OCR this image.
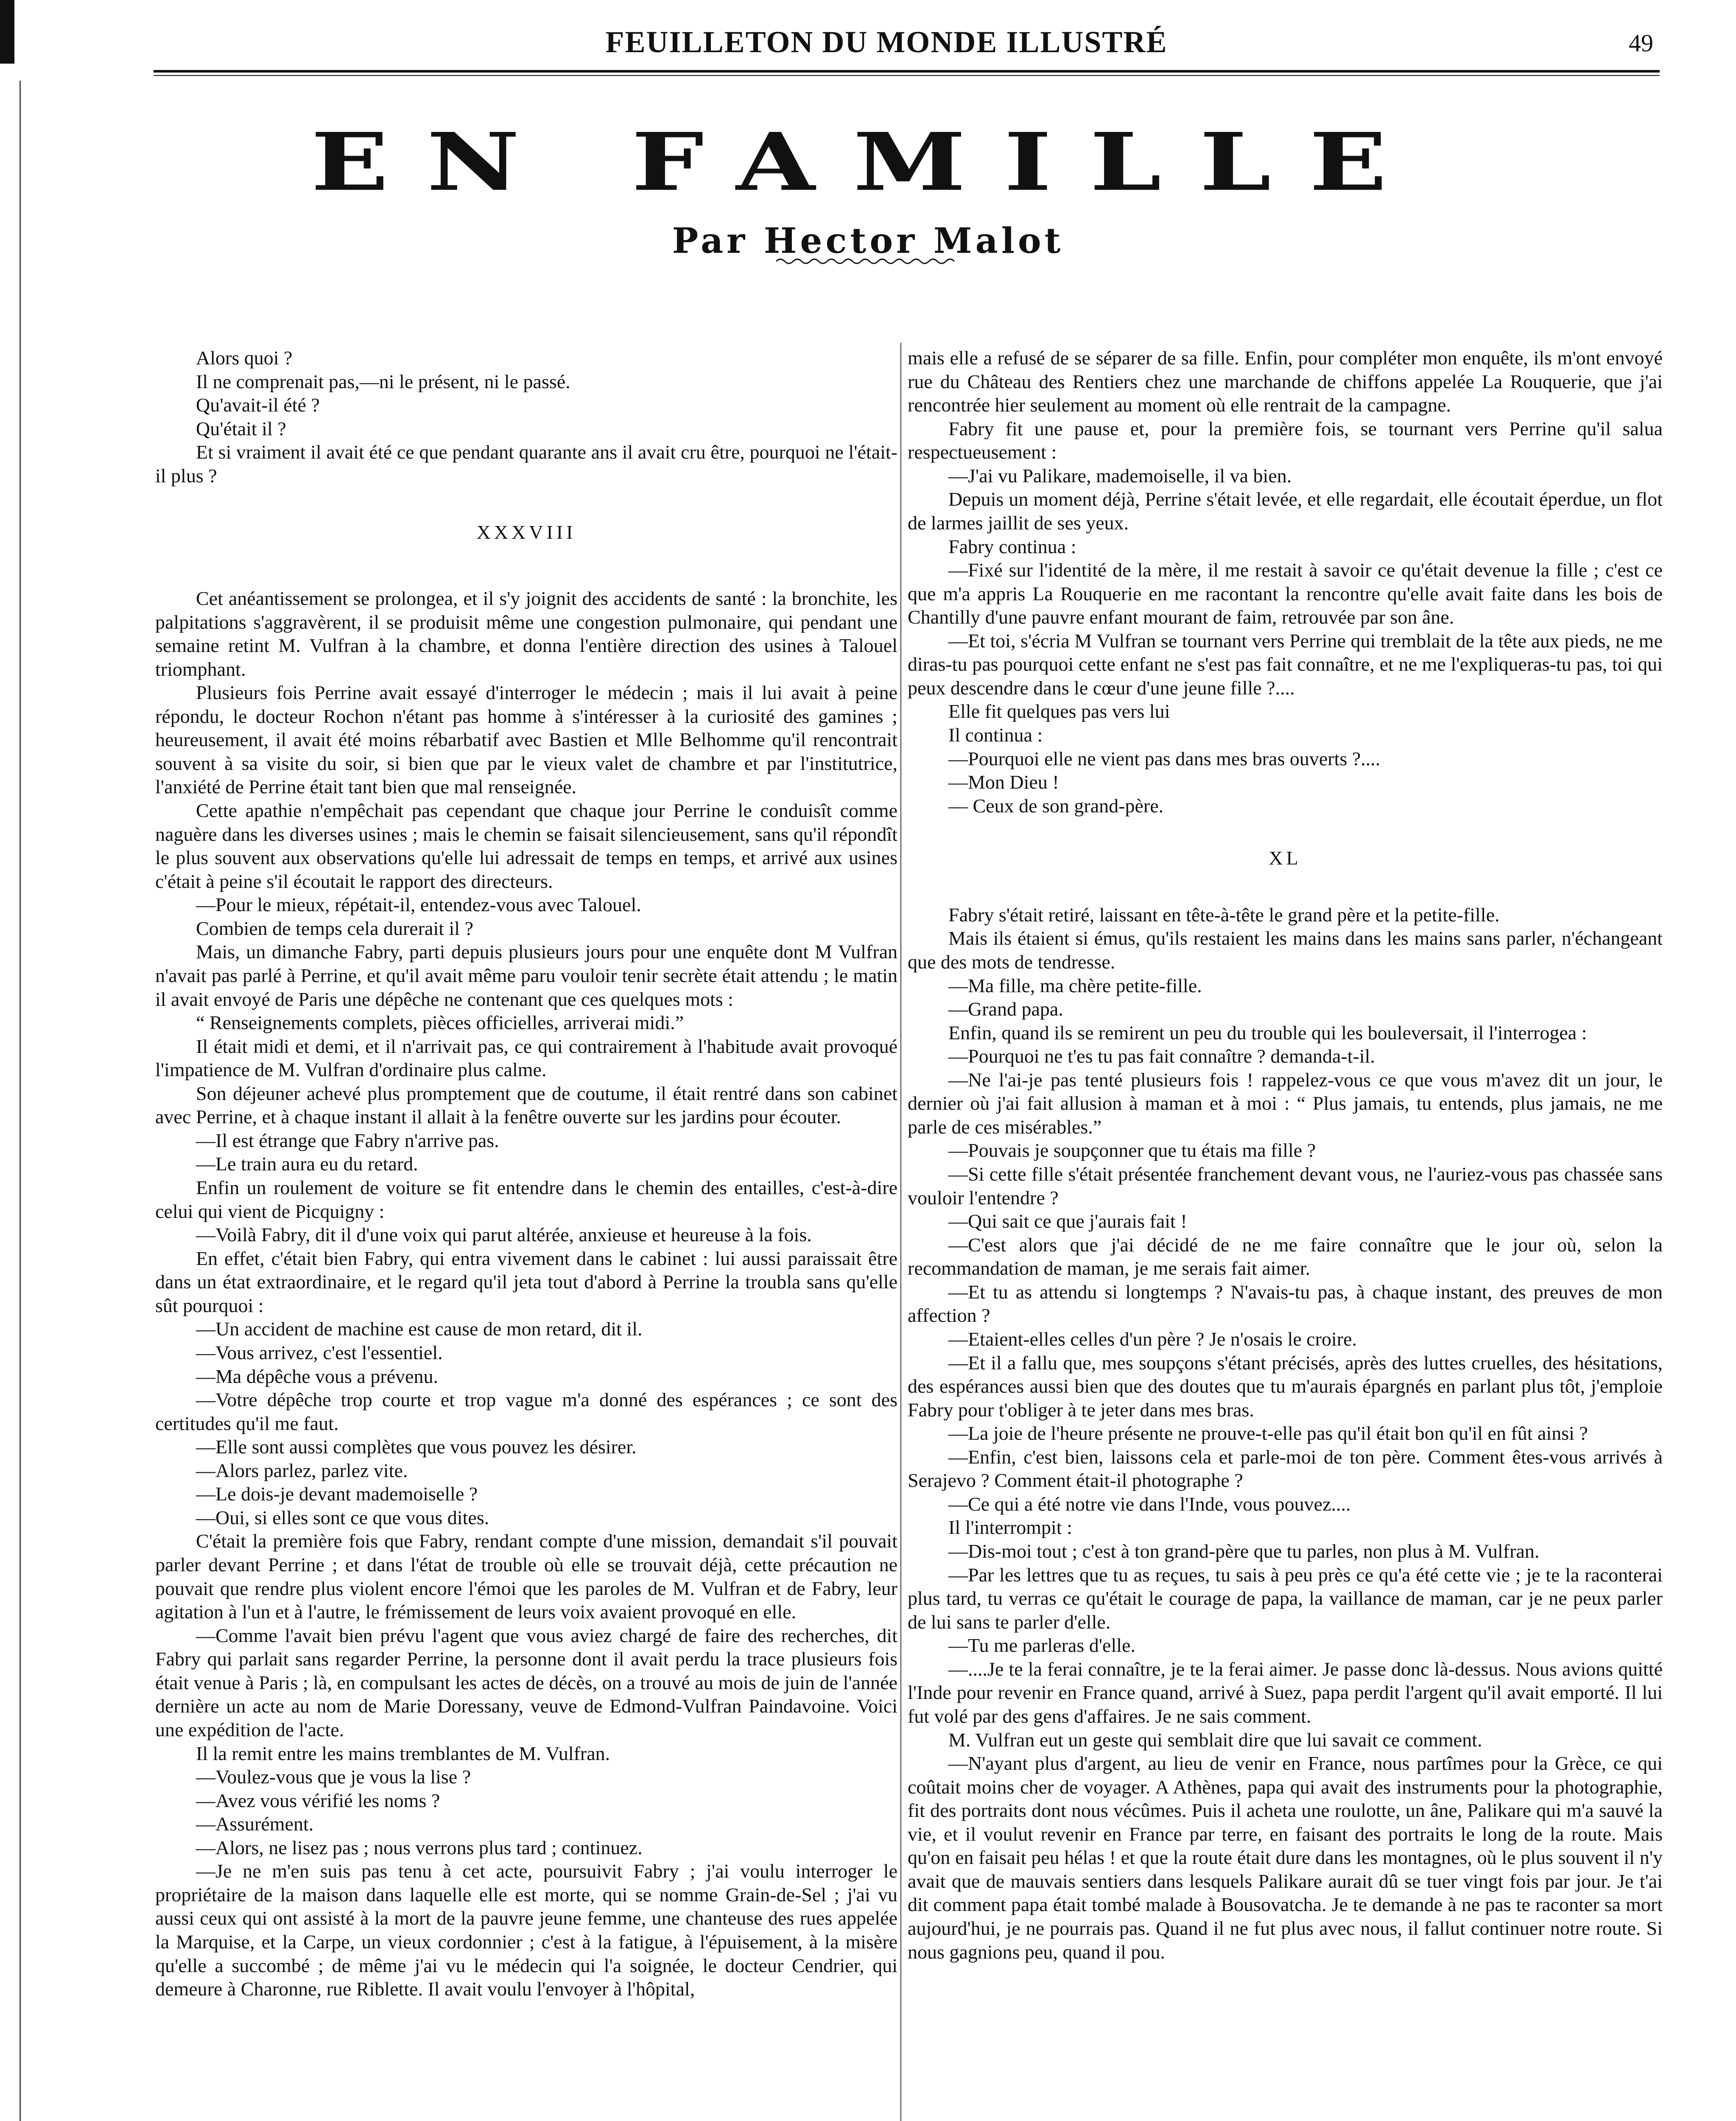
FEUILLETON DU MONDE ILLUSTRÉ	49
EN FAMILLE
Par Hector Malot

Alors quoi ?

Il ne comprenait pas,—ni le présent, ni le passé.

Qu'avait-il été ?

Qu'était il ?

Et si vraiment il avait été ce que pendant quarante ans il avait cru être, pourquoi ne l'était-il plus ?

XXXVIII

Cet anéantissement se prolongea, et il s'y joignit des accidents de santé : la bronchite, les palpitations s'aggravèrent, il se produisit même une congestion pulmonaire, qui pendant une semaine retint M. Vulfran à la chambre, et donna l'entière direction des usines à Talouel triomphant.

Plusieurs fois Perrine avait essayé d'interroger le médecin ; mais il lui avait à peine répondu, le docteur Rochon n'étant pas homme à s'intéresser à la curiosité des gamines ; heureusement, il avait été moins rébarbatif avec Bastien et Mlle Belhomme qu'il rencontrait souvent à sa visite du soir, si bien que par le vieux valet de chambre et par l'institutrice, l'anxiété de Perrine était tant bien que mal renseignée.

Cette apathie n'empêchait pas cependant que chaque jour Perrine le conduisît comme naguère dans les diverses usines ; mais le chemin se faisait silencieusement, sans qu'il répondît le plus souvent aux observations qu'elle lui adressait de temps en temps, et arrivé aux usines c'était à peine s'il écoutait le rapport des directeurs.

—Pour le mieux, répétait-il, entendez-vous avec Talouel.

Combien de temps cela durerait il ?

Mais, un dimanche Fabry, parti depuis plusieurs jours pour une enquête dont M Vulfran n'avait pas parlé à Perrine, et qu'il avait même paru vouloir tenir secrète était attendu ; le matin il avait envoyé de Paris une dépêche ne contenant que ces quelques mots :

“ Renseignements complets, pièces officielles, arriverai midi.”

Il était midi et demi, et il n'arrivait pas, ce qui contrairement à l'habitude avait provoqué l'impatience de M. Vulfran d'ordinaire plus calme.

Son déjeuner achevé plus promptement que de coutume, il était rentré dans son cabinet avec Perrine, et à chaque instant il allait à la fenêtre ouverte sur les jardins pour écouter.

—Il est étrange que Fabry n'arrive pas.

—Le train aura eu du retard.

Enfin un roulement de voiture se fit entendre dans le chemin des entailles, c'est-à-dire celui qui vient de Picquigny :

—Voilà Fabry, dit il d'une voix qui parut altérée, anxieuse et heureuse à la fois.

En effet, c'était bien Fabry, qui entra vivement dans le cabinet : lui aussi paraissait être dans un état extraordinaire, et le regard qu'il jeta tout d'abord à Perrine la troubla sans qu'elle sût pourquoi :

—Un accident de machine est cause de mon retard, dit il.

—Vous arrivez, c'est l'essentiel.

—Ma dépêche vous a prévenu.

—Votre dépêche trop courte et trop vague m'a donné des espérances ; ce sont des certitudes qu'il me faut.

—Elle sont aussi complètes que vous pouvez les désirer.

—Alors parlez, parlez vite.

—Le dois-je devant mademoiselle ?

—Oui, si elles sont ce que vous dites.

C'était la première fois que Fabry, rendant compte d'une mission, demandait s'il pouvait parler devant Perrine ; et dans l'état de trouble où elle se trouvait déjà, cette précaution ne pouvait que rendre plus violent encore l'émoi que les paroles de M. Vulfran et de Fabry, leur agitation à l'un et à l'autre, le frémissement de leurs voix avaient provoqué en elle.

—Comme l'avait bien prévu l'agent que vous aviez chargé de faire des recherches, dit Fabry qui parlait sans regarder Perrine, la personne dont il avait perdu la trace plusieurs fois était venue à Paris ; là, en compulsant les actes de décès, on a trouvé au mois de juin de l'année dernière un acte au nom de Marie Doressany, veuve de Edmond-Vulfran Paindavoine. Voici une expédition de l'acte.

Il la remit entre les mains tremblantes de M. Vulfran.

—Voulez-vous que je vous la lise ?

—Avez vous vérifié les noms ?

—Assurément.

—Alors, ne lisez pas ; nous verrons plus tard ; continuez.

—Je ne m'en suis pas tenu à cet acte, poursuivit Fabry ; j'ai voulu interroger le propriétaire de la maison dans laquelle elle est morte, qui se nomme Grain-de-Sel ; j'ai vu aussi ceux qui ont assisté à la mort de la pauvre jeune femme, une chanteuse des rues appelée la Marquise, et la Carpe, un vieux cordonnier ; c'est à la fatigue, à l'épuisement, à la misère qu'elle a succombé ; de même j'ai vu le médecin qui l'a soignée, le docteur Cendrier, qui demeure à Charonne, rue Riblette. Il avait voulu l'envoyer à l'hôpital,

mais elle a refusé de se séparer de sa fille. Enfin, pour compléter mon enquête, ils m'ont envoyé rue du Château des Rentiers chez une marchande de chiffons appelée La Rouquerie, que j'ai rencontrée hier seulement au moment où elle rentrait de la campagne.

Fabry fit une pause et, pour la première fois, se tournant vers Perrine qu'il salua respectueusement :

—J'ai vu Palikare, mademoiselle, il va bien.

Depuis un moment déjà, Perrine s'était levée, et elle regardait, elle écoutait éperdue, un flot de larmes jaillit de ses yeux.

Fabry continua :

—Fixé sur l'identité de la mère, il me restait à savoir ce qu'était devenue la fille ; c'est ce que m'a appris La Rouquerie en me racontant la rencontre qu'elle avait faite dans les bois de Chantilly d'une pauvre enfant mourant de faim, retrouvée par son âne.

—Et toi, s'écria M Vulfran se tournant vers Perrine qui tremblait de la tête aux pieds, ne me diras-tu pas pourquoi cette enfant ne s'est pas fait connaître, et ne me l'expliqueras-tu pas, toi qui peux descendre dans le cœur d'une jeune fille ?....

Elle fit quelques pas vers lui

Il continua :

—Pourquoi elle ne vient pas dans mes bras ouverts ?....

—Mon Dieu !

— Ceux de son grand-père.

XL

Fabry s'était retiré, laissant en tête-à-tête le grand père et la petite-fille.

Mais ils étaient si émus, qu'ils restaient les mains dans les mains sans parler, n'échangeant que des mots de tendresse.

—Ma fille, ma chère petite-fille.

—Grand papa.

Enfin, quand ils se remirent un peu du trouble qui les bouleversait, il l'interrogea :

—Pourquoi ne t'es tu pas fait connaître ? demanda-t-il.

—Ne l'ai-je pas tenté plusieurs fois ! rappelez-vous ce que vous m'avez dit un jour, le dernier où j'ai fait allusion à maman et à moi : “ Plus jamais, tu entends, plus jamais, ne me parle de ces misérables.”

—Pouvais je soupçonner que tu étais ma fille ?

—Si cette fille s'était présentée franchement devant vous, ne l'auriez-vous pas chassée sans vouloir l'entendre ?

—Qui sait ce que j'aurais fait !

—C'est alors que j'ai décidé de ne me faire connaître que le jour où, selon la recommandation de maman, je me serais fait aimer.

—Et tu as attendu si longtemps ? N'avais-tu pas, à chaque instant, des preuves de mon affection ?

—Etaient-elles celles d'un père ? Je n'osais le croire.

—Et il a fallu que, mes soupçons s'étant précisés, après des luttes cruelles, des hésitations, des espérances aussi bien que des doutes que tu m'aurais épargnés en parlant plus tôt, j'emploie Fabry pour t'obliger à te jeter dans mes bras.

—La joie de l'heure présente ne prouve-t-elle pas qu'il était bon qu'il en fût ainsi ?

—Enfin, c'est bien, laissons cela et parle-moi de ton père. Comment êtes-vous arrivés à Serajevo ? Comment était-il photographe ?

—Ce qui a été notre vie dans l'Inde, vous pouvez....

Il l'interrompit :

—Dis-moi tout ; c'est à ton grand-père que tu parles, non plus à M. Vulfran.

—Par les lettres que tu as reçues, tu sais à peu près ce qu'a été cette vie ; je te la raconterai plus tard, tu verras ce qu'était le courage de papa, la vaillance de maman, car je ne peux parler de lui sans te parler d'elle.

—Tu me parleras d'elle.

—....Je te la ferai connaître, je te la ferai aimer. Je passe donc là-dessus. Nous avions quitté l'Inde pour revenir en France quand, arrivé à Suez, papa perdit l'argent qu'il avait emporté. Il lui fut volé par des gens d'affaires. Je ne sais comment.

M. Vulfran eut un geste qui semblait dire que lui savait ce comment.

—N'ayant plus d'argent, au lieu de venir en France, nous partîmes pour la Grèce, ce qui coûtait moins cher de voyager. A Athènes, papa qui avait des instruments pour la photographie, fit des portraits dont nous vécûmes. Puis il acheta une roulotte, un âne, Palikare qui m'a sauvé la vie, et il voulut revenir en France par terre, en faisant des portraits le long de la route. Mais qu'on en faisait peu hélas ! et que la route était dure dans les montagnes, où le plus souvent il n'y avait que de mauvais sentiers dans lesquels Palikare aurait dû se tuer vingt fois par jour. Je t'ai dit comment papa était tombé malade à Bousovatcha. Je te demande à ne pas te raconter sa mort aujourd'hui, je ne pourrais pas. Quand il ne fut plus avec nous, il fallut continuer notre route. Si nous gagnions peu, quand il pou.
